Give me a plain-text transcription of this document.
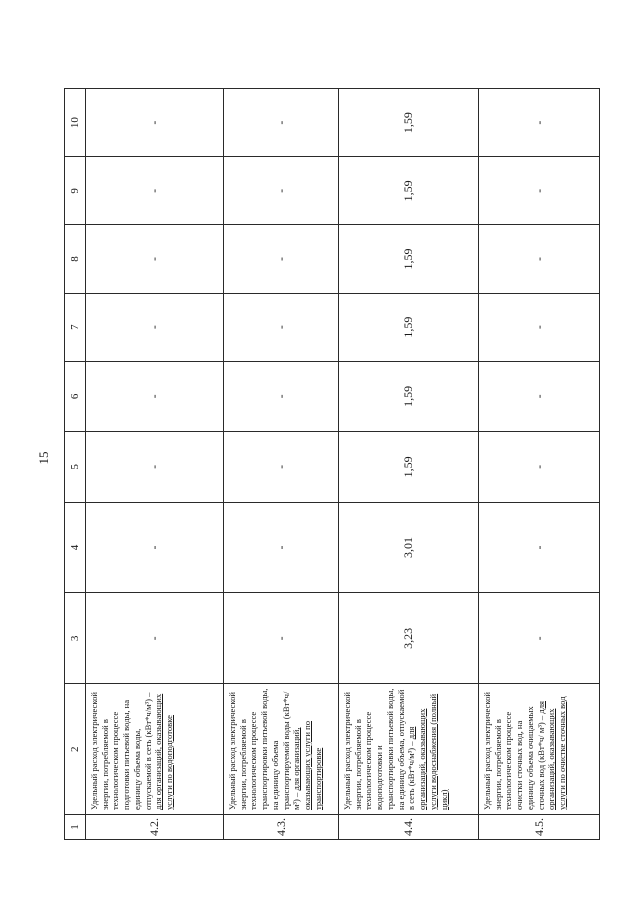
15
1	2	3	4	5	6	7	8	9	10
4.2.	Удельный расход электрической энергии, потребляемой в технологическом процессе подготовки питьевой воды, на единицу объема воды, отпускаемой в сеть (кВт*ч/м³) – для организаций, оказывающих услуги по водоподготовке	-	-	-	-	-	-	-	-
4.3.	Удельный расход электрической энергии, потребляемой в технологическом процессе транспортировки питьевой воды, на единицу объема транспортируемой воды (кВт*ч/м³) – для организаций, оказывающих услуги по транспортировке	-	-	-	-	-	-	-	-
4.4.	Удельный расход электрической энергии, потребляемой в технологическом процессе водоподготовки и транспортировки питьевой воды, на единицу объема, отпускаемой в сеть (кВт*ч/м³) – для организаций, оказывающих услуги водоснабжения (полный цикл)	3,23	3,01	1,59	1,59	1,59	1,59	1,59	1,59
4.5.	Удельный расход электрической энергии, потребляемой в технологическом процессе очистки сточных вод, на единицу объема очищаемых сточных вод (кВт*ч/ м³) – для организаций, оказывающих услуги по очистке сточных вод	-	-	-	-	-	-	-	-
